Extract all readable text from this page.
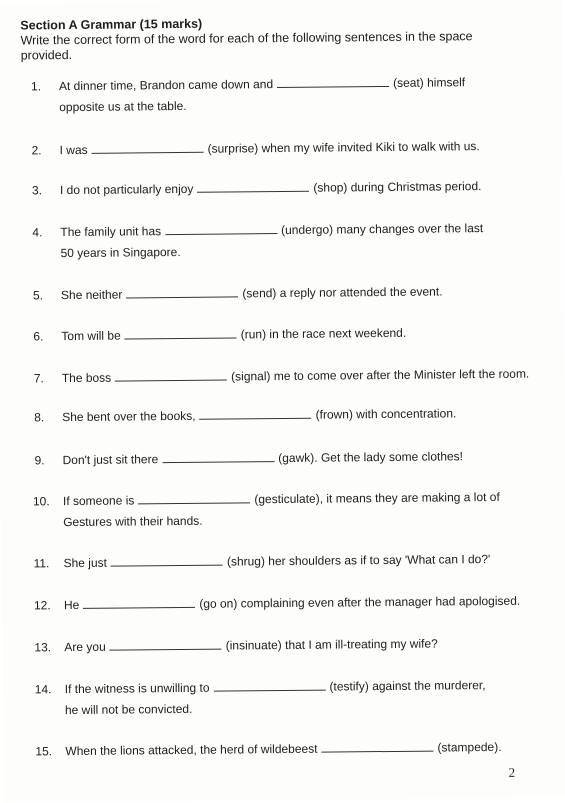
Section A Grammar (15 marks)
Write the correct form of the word for each of the following sentences in the space provided.
1. At dinner time, Brandon came down and	(seat) himself
opposite us at the table.
2. I was	(surprise) when my wife invited Kiki to walk with us.
3. I do not particularly enjoy	(shop) during Christmas period.
4. The family unit has	(undergo) many changes over the last
50 years in Singapore.
5. She neither	(send) a reply nor attended the event.
6. Tom will be	(run) in the race next weekend.
7. The boss	(signal) me to come over after the Minister left the room.
8. She bent over the books,	(frown) with concentration.
9. Don't just sit there	(gawk). Get the lady some clothes!
10. If someone is	(gesticulate), it means they are making a lot of
Gestures with their hands.
11. She just	(shrug) her shoulders as if to say 'What can I do?'
12. He	(go on) complaining even after the manager had apologised.
13. Are you	(insinuate) that I am ill-treating my wife?
14. If the witness is unwilling to	(testify) against the murderer,
he will not be convicted.
15. When the lions attacked, the herd of wildebeest	(stampede).
2
